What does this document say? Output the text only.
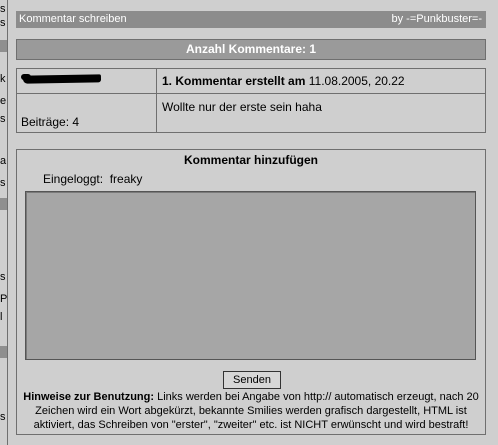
s
s
k
e
s
a
s
s
P
l
s
Kommentar schreiben	by -=Punkbuster=-
Anzahl Kommentare: 1
1. Kommentar erstellt am 11.08.2005, 20.22
Beiträge: 4
Wollte nur der erste sein haha
Kommentar hinzufügen
Eingeloggt:  freaky
Senden
Hinweise zur Benutzung: Links werden bei Angabe von http:// automatisch erzeugt, nach 20 Zeichen wird ein Wort abgekürzt, bekannte Smilies werden grafisch dargestellt, HTML ist aktiviert, das Schreiben von "erster", "zweiter" etc. ist NICHT erwünscht und wird bestraft!
